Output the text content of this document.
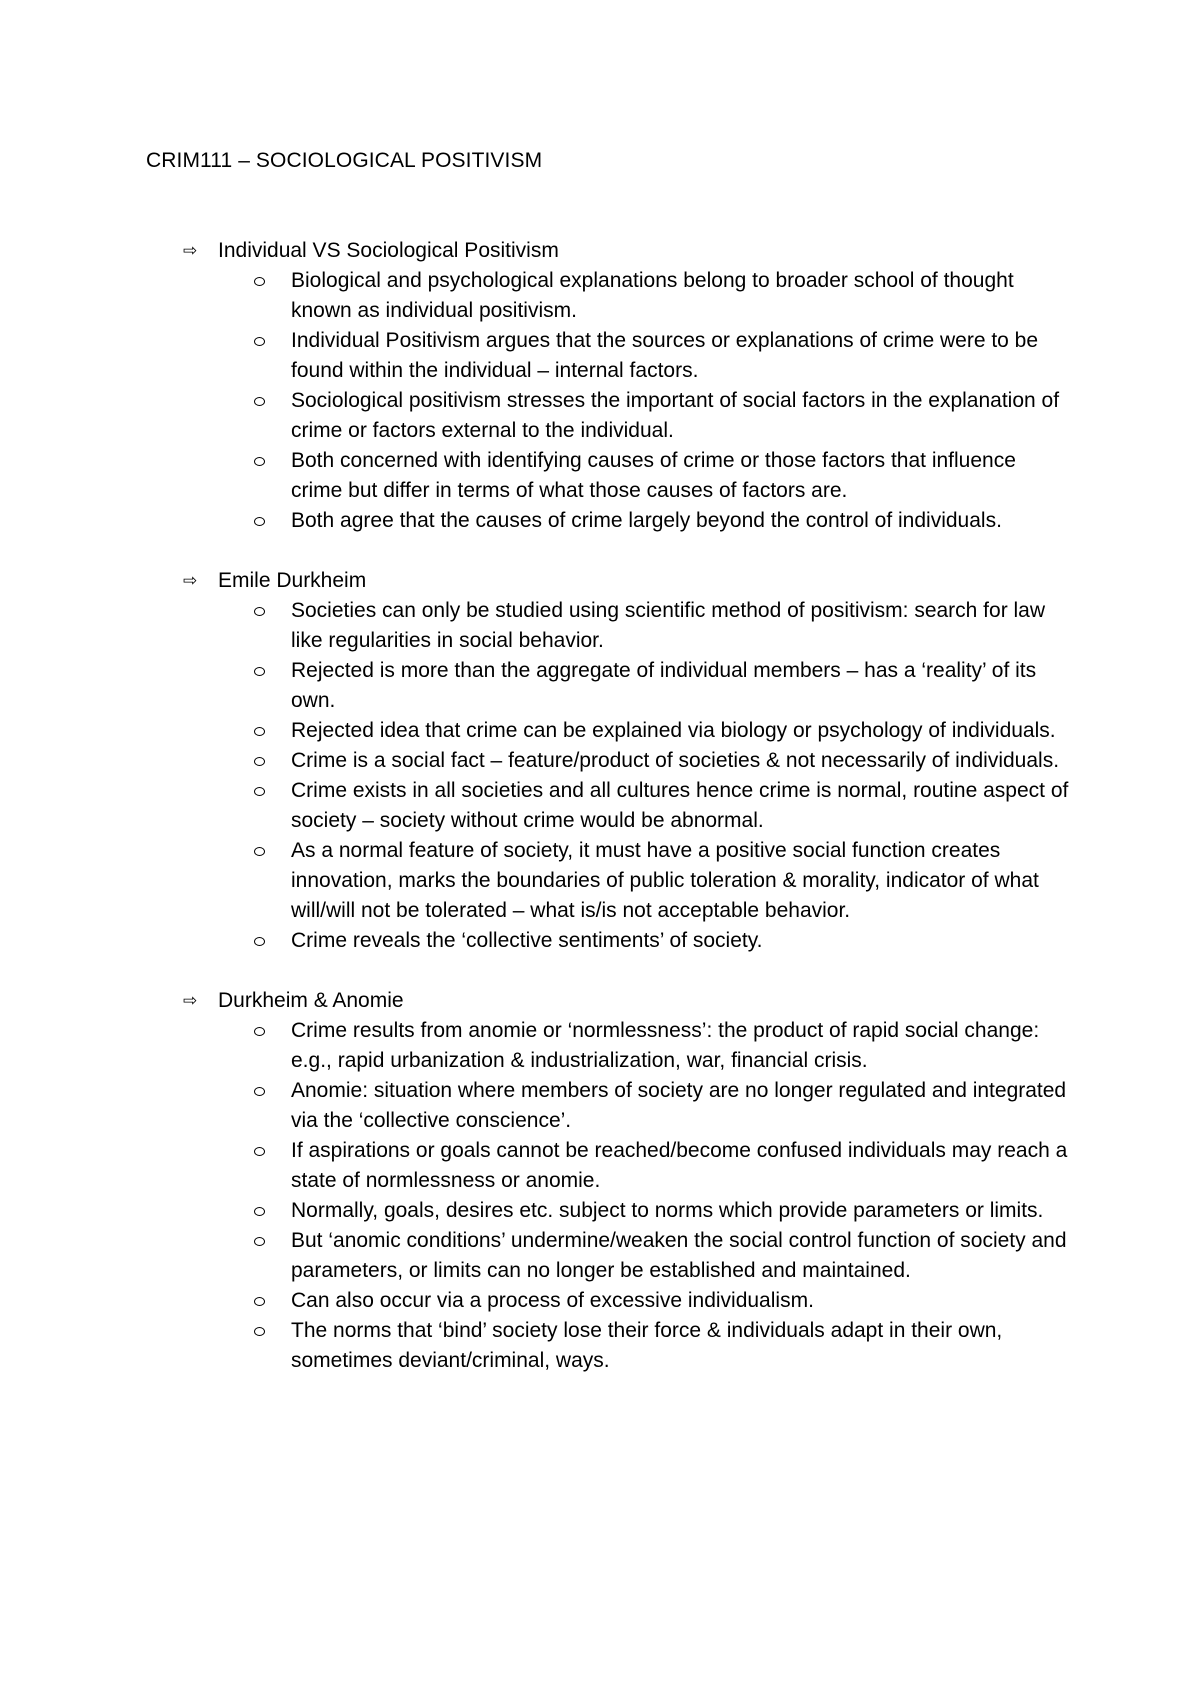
CRIM111 – SOCIOLOGICAL POSITIVISM
⇨ Individual VS Sociological Positivism
Biological and psychological explanations belong to broader school of thought known as individual positivism.
Individual Positivism argues that the sources or explanations of crime were to be found within the individual – internal factors.
Sociological positivism stresses the important of social factors in the explanation of crime or factors external to the individual.
Both concerned with identifying causes of crime or those factors that influence crime but differ in terms of what those causes of factors are.
Both agree that the causes of crime largely beyond the control of individuals.
⇨ Emile Durkheim
Societies can only be studied using scientific method of positivism: search for law like regularities in social behavior.
Rejected is more than the aggregate of individual members – has a ‘reality’ of its own.
Rejected idea that crime can be explained via biology or psychology of individuals.
Crime is a social fact – feature/product of societies & not necessarily of individuals.
Crime exists in all societies and all cultures hence crime is normal, routine aspect of society – society without crime would be abnormal.
As a normal feature of society, it must have a positive social function creates innovation, marks the boundaries of public toleration & morality, indicator of what will/will not be tolerated – what is/is not acceptable behavior.
Crime reveals the ‘collective sentiments’ of society.
⇨ Durkheim & Anomie
Crime results from anomie or ‘normlessness’: the product of rapid social change: e.g., rapid urbanization & industrialization, war, financial crisis.
Anomie: situation where members of society are no longer regulated and integrated via the ‘collective conscience’.
If aspirations or goals cannot be reached/become confused individuals may reach a state of normlessness or anomie.
Normally, goals, desires etc. subject to norms which provide parameters or limits.
But ‘anomic conditions’ undermine/weaken the social control function of society and parameters, or limits can no longer be established and maintained.
Can also occur via a process of excessive individualism.
The norms that ‘bind’ society lose their force & individuals adapt in their own, sometimes deviant/criminal, ways.
